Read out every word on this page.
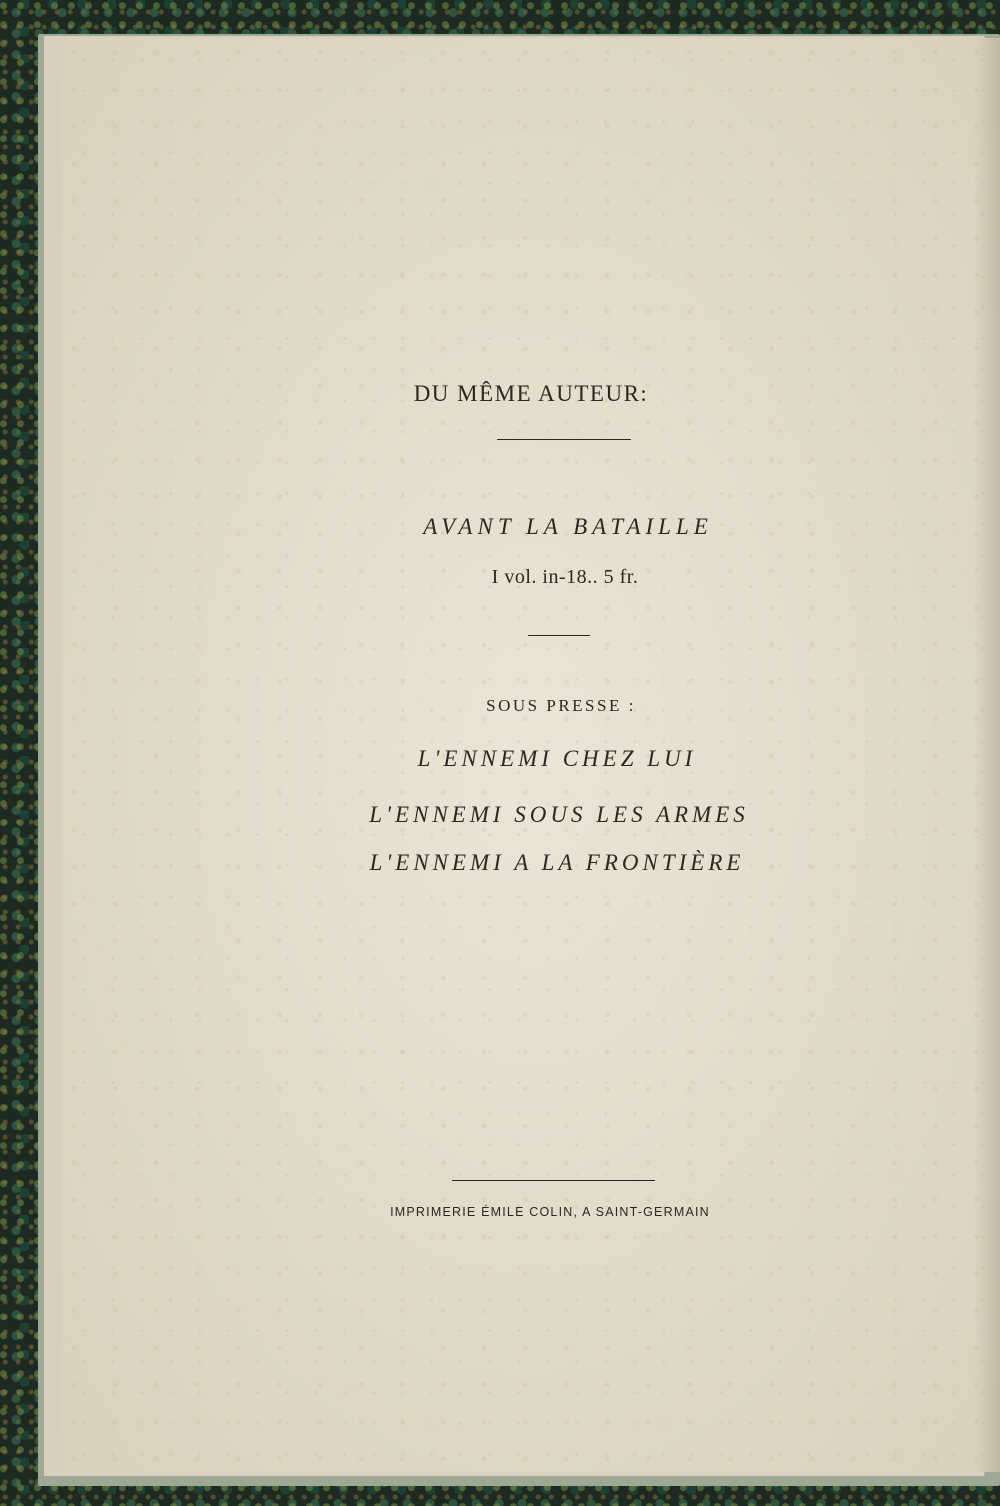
DU MÊME AUTEUR:
AVANT LA BATAILLE
I vol. in-18.. 5 fr.
SOUS PRESSE :
L'ENNEMI CHEZ LUI
L'ENNEMI SOUS LES ARMES
L'ENNEMI A LA FRONTIÈRE
IMPRIMERIE ÉMILE COLIN, A SAINT-GERMAIN
